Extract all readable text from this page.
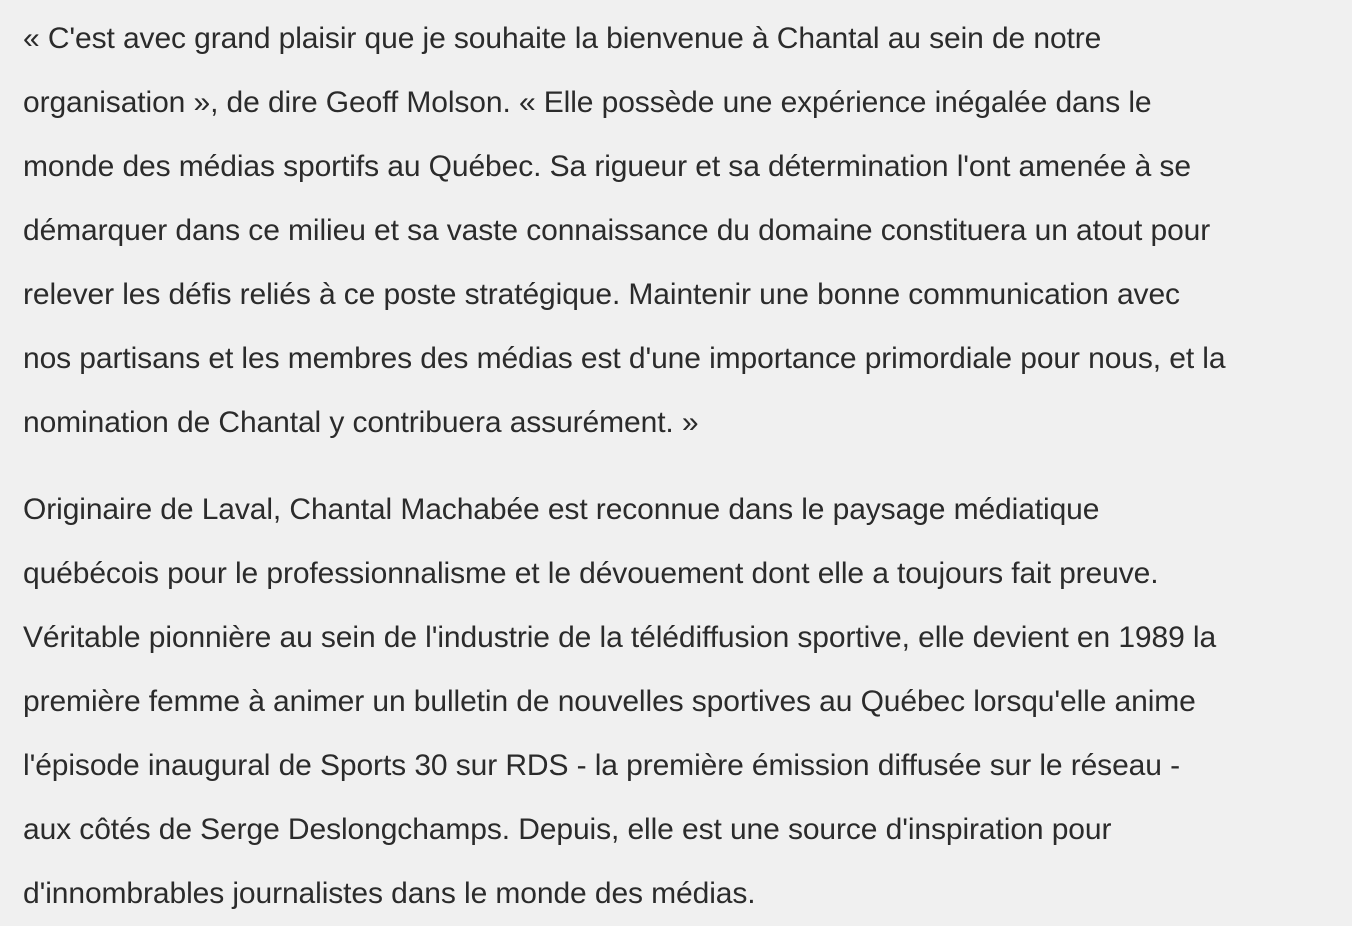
« C'est avec grand plaisir que je souhaite la bienvenue à Chantal au sein de notre
organisation », de dire Geoff Molson. « Elle possède une expérience inégalée dans le
monde des médias sportifs au Québec. Sa rigueur et sa détermination l'ont amenée à se
démarquer dans ce milieu et sa vaste connaissance du domaine constituera un atout pour
relever les défis reliés à ce poste stratégique. Maintenir une bonne communication avec
nos partisans et les membres des médias est d'une importance primordiale pour nous, et la
nomination de Chantal y contribuera assurément. »

Originaire de Laval, Chantal Machabée est reconnue dans le paysage médiatique
québécois pour le professionnalisme et le dévouement dont elle a toujours fait preuve.
Véritable pionnière au sein de l'industrie de la télédiffusion sportive, elle devient en 1989 la
première femme à animer un bulletin de nouvelles sportives au Québec lorsqu'elle anime
l'épisode inaugural de Sports 30 sur RDS - la première émission diffusée sur le réseau -
aux côtés de Serge Deslongchamps. Depuis, elle est une source d'inspiration pour
d'innombrables journalistes dans le monde des médias.
